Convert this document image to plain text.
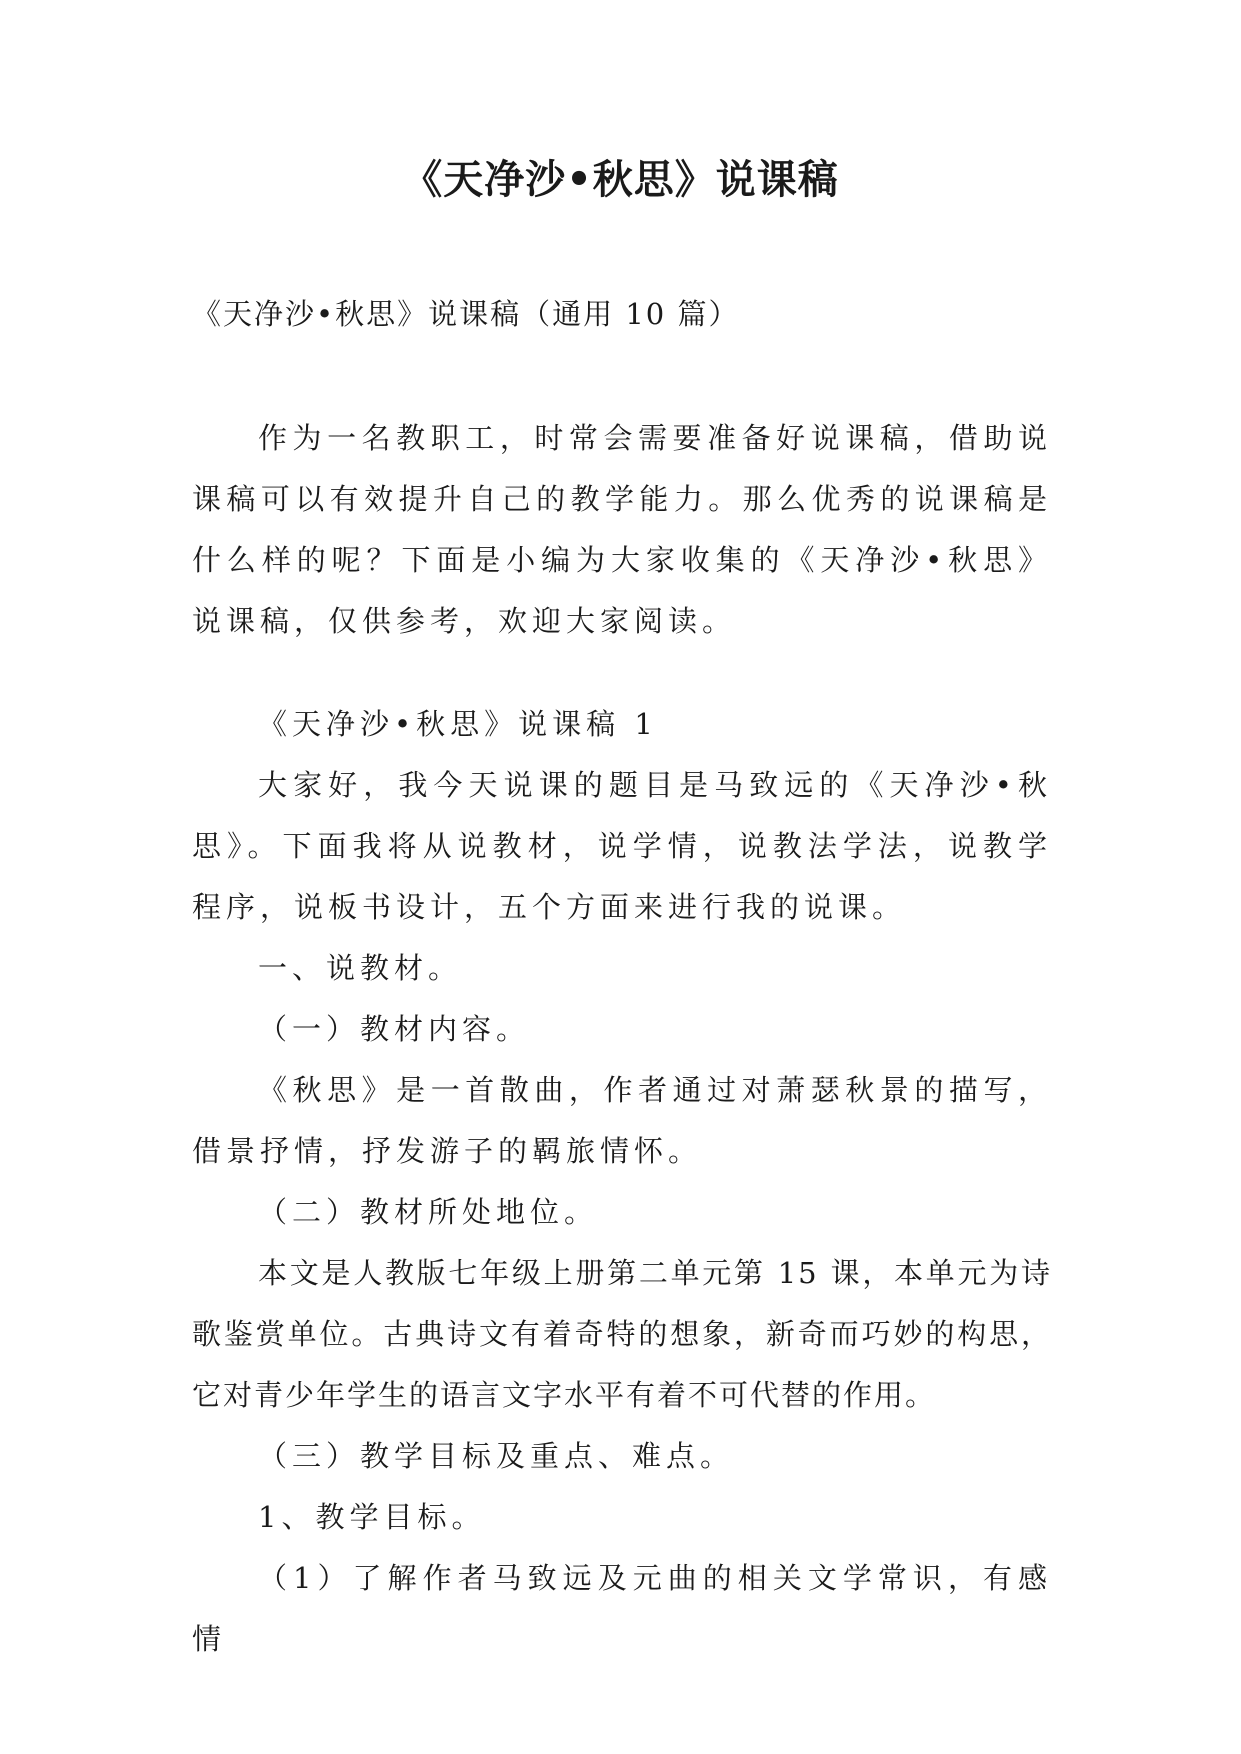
《天净沙•秋思》说课稿

《天净沙•秋思》说课稿（通用 10 篇）

作为一名教职工，时常会需要准备好说课稿，借助说课稿可以有效提升自己的教学能力。那么优秀的说课稿是什么样的呢？下面是小编为大家收集的《天净沙•秋思》说课稿，仅供参考，欢迎大家阅读。

《天净沙•秋思》说课稿 1

大家好，我今天说课的题目是马致远的《天净沙•秋思》。下面我将从说教材，说学情，说教法学法，说教学程序，说板书设计，五个方面来进行我的说课。

一、说教材。

（一）教材内容。

《秋思》是一首散曲，作者通过对萧瑟秋景的描写，借景抒情，抒发游子的羁旅情怀。

（二）教材所处地位。

本文是人教版七年级上册第二单元第 15 课，本单元为诗歌鉴赏单位。古典诗文有着奇特的想象，新奇而巧妙的构思，它对青少年学生的语言文字水平有着不可代替的作用。

（三）教学目标及重点、难点。

1、教学目标。

（1）了解作者马致远及元曲的相关文学常识，有感情
